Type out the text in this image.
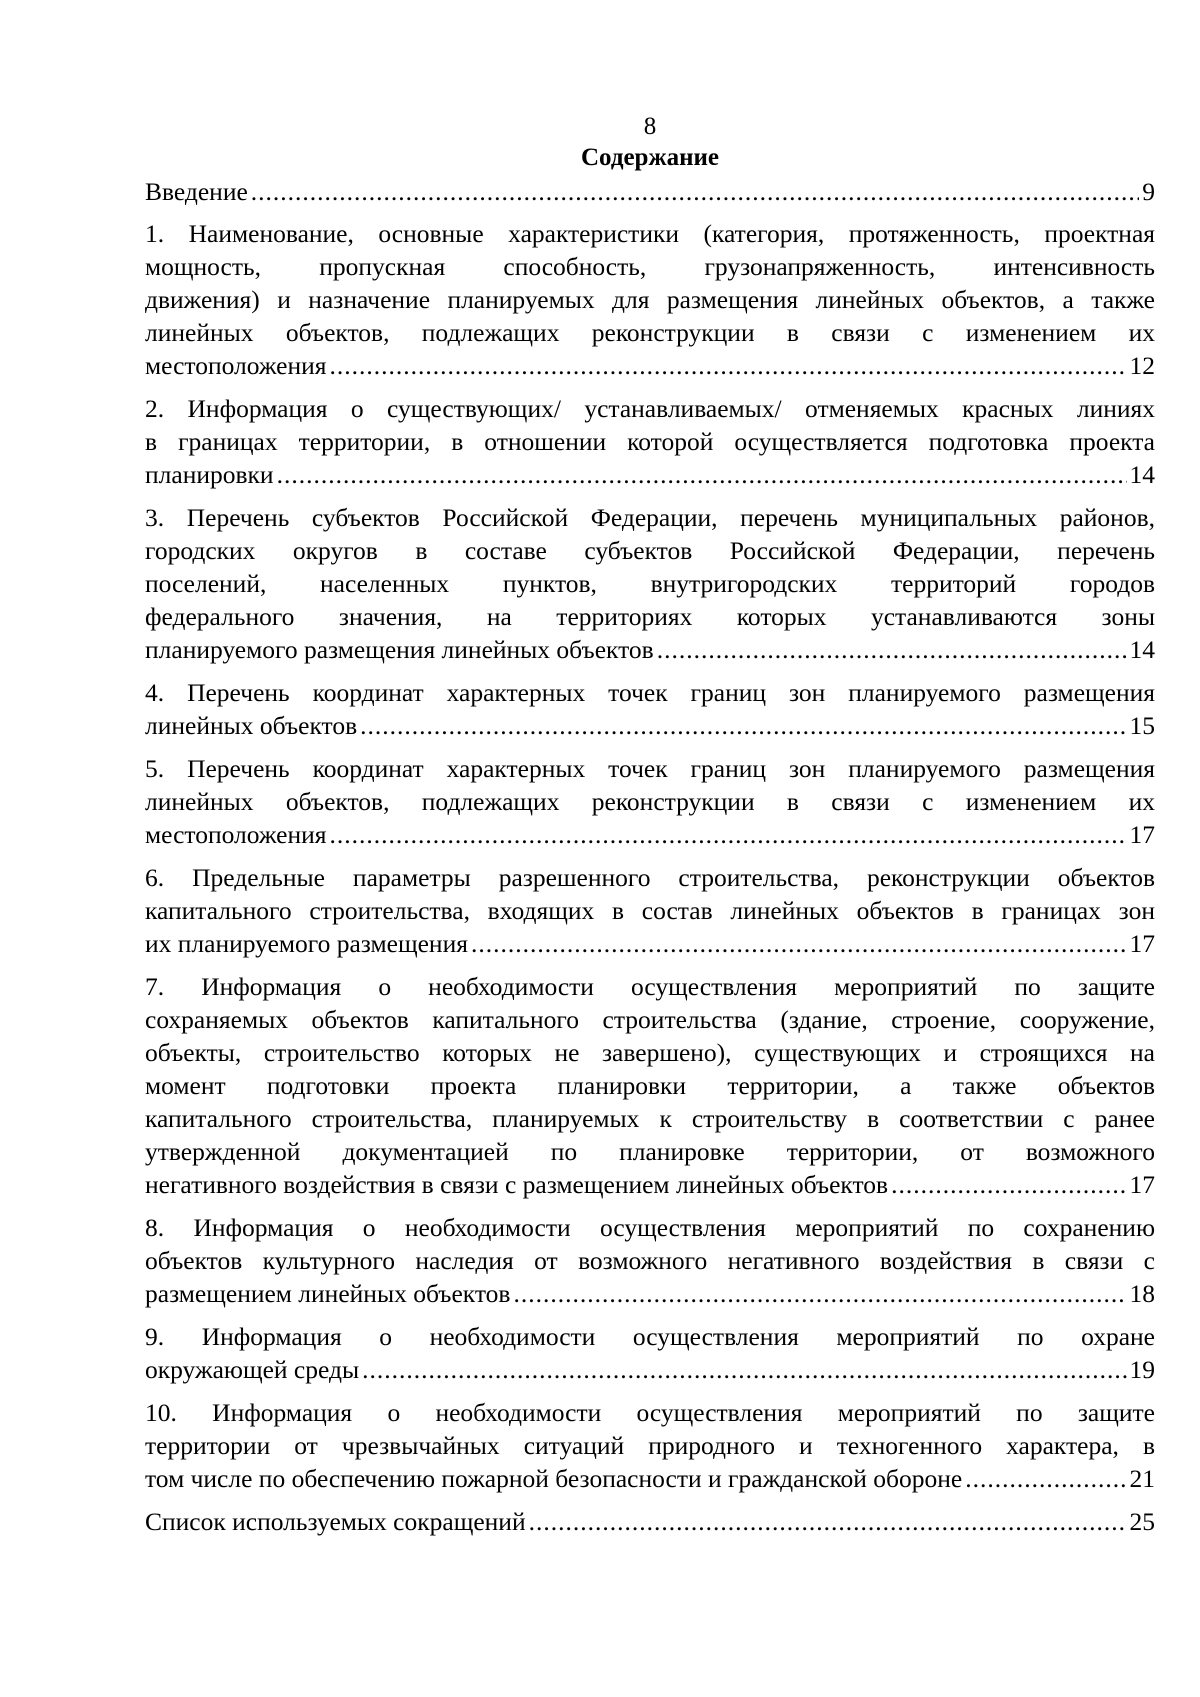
8

Содержание

Введение .....	9
1. Наименование, основные характеристики (категория, протяженность, проектная
мощность, пропускная способность, грузонапряженность, интенсивность
движения) и назначение планируемых для размещения линейных объектов, а также
линейных объектов, подлежащих реконструкции в связи с изменением их
местоположения .....	12
2. Информация о существующих/ устанавливаемых/ отменяемых красных линиях
в границах территории, в отношении которой осуществляется подготовка проекта
планировки .....	14
3. Перечень субъектов Российской Федерации, перечень муниципальных районов,
городских округов в составе субъектов Российской Федерации, перечень
поселений, населенных пунктов, внутригородских территорий городов
федерального значения, на территориях которых устанавливаются зоны
планируемого размещения линейных объектов .....	14
4. Перечень координат характерных точек границ зон планируемого размещения
линейных объектов .....	15
5. Перечень координат характерных точек границ зон планируемого размещения
линейных объектов, подлежащих реконструкции в связи с изменением их
местоположения .....	17
6. Предельные параметры разрешенного строительства, реконструкции объектов
капитального строительства, входящих в состав линейных объектов в границах зон
их планируемого размещения .....	17
7. Информация о необходимости осуществления мероприятий по защите
сохраняемых объектов капитального строительства (здание, строение, сооружение,
объекты, строительство которых не завершено), существующих и строящихся на
момент подготовки проекта планировки территории, а также объектов
капитального строительства, планируемых к строительству в соответствии с ранее
утвержденной документацией по планировке территории, от возможного
негативного воздействия в связи с размещением линейных объектов .....	17
8. Информация о необходимости осуществления мероприятий по сохранению
объектов культурного наследия от возможного негативного воздействия в связи с
размещением линейных объектов .....	18
9. Информация о необходимости осуществления мероприятий по охране
окружающей среды .....	19
10. Информация о необходимости осуществления мероприятий по защите
территории от чрезвычайных ситуаций природного и техногенного характера, в
том числе по обеспечению пожарной безопасности и гражданской обороне .....	21
Список используемых сокращений .....	25
